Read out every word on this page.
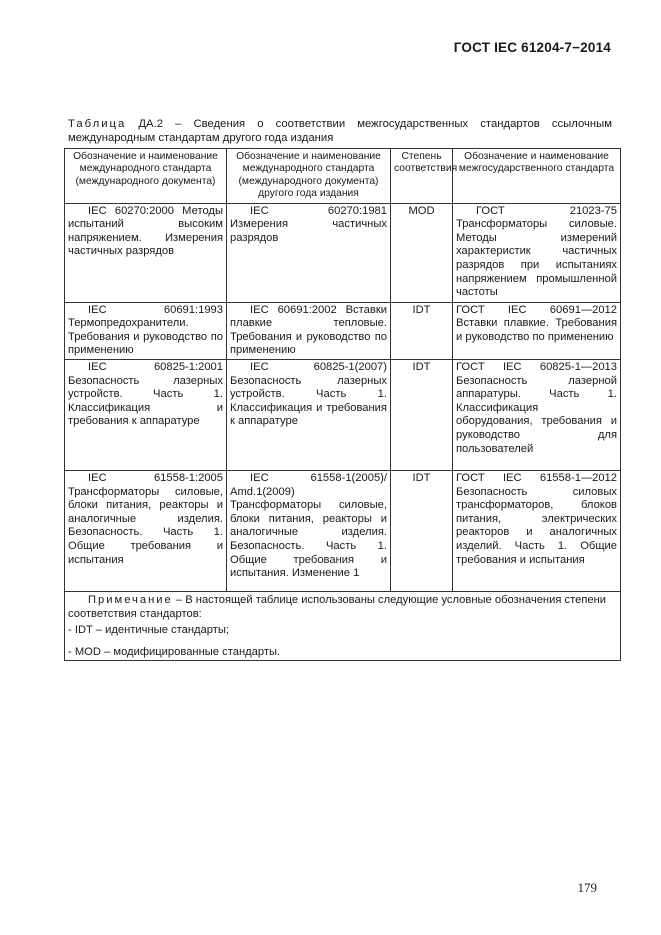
ГОСТ IEC 61204-7−2014
Таблица ДА.2 – Сведения о соответствии межгосударственных стандартов ссылочным международным стандартам другого года издания
Обозначение и наименование международного стандарта (международного документа)	Обозначение и наименование международного стандарта (международного документа) другого года издания	Степень соответствия	Обозначение и наименование межгосударственного стандарта
IEC 60270:2000 Методы испытаний высоким напряжением. Измерения частичных разрядов	IEC 60270:1981 Измерения частичных разрядов	MOD	ГОСТ 21023-75 Трансформаторы силовые. Методы измерений характеристик частичных разрядов при испытаниях напряжением промышленной частоты
IEC 60691:1993 Термопредохранители. Требования и руководство по применению	IEC 60691:2002 Вставки плавкие тепловые. Требования и руководство по применению	IDT	ГОСТ IEC 60691—2012 Вставки плавкие. Требования и руководство по применению
IEC 60825-1:2001 Безопасность лазерных устройств. Часть 1. Классификация и требования к аппаратуре	IEC 60825-1(2007) Безопасность лазерных устройств. Часть 1. Классификация и требования к аппаратуре	IDT	ГОСТ IEC 60825-1—2013 Безопасность лазерной аппаратуры. Часть 1. Классификация оборудования, требования и руководство для пользователей
IEC 61558-1:2005 Трансформаторы силовые, блоки питания, реакторы и аналогичные изделия. Безопасность. Часть 1. Общие требования и испытания	IEC 61558-1(2005)/ Amd.1(2009) Трансформаторы силовые, блоки питания, реакторы и аналогичные изделия. Безопасность. Часть 1. Общие требования и испытания. Изменение 1	IDT	ГОСТ IEC 61558-1—2012 Безопасность силовых трансформаторов, блоков питания, электрических реакторов и аналогичных изделий. Часть 1. Общие требования и испытания

Примечание – В настоящей таблице использованы следующие условные обозначения степени соответствия стандартов:

- IDT – идентичные стандарты;

- MOD – модифицированные стандарты.			

179
